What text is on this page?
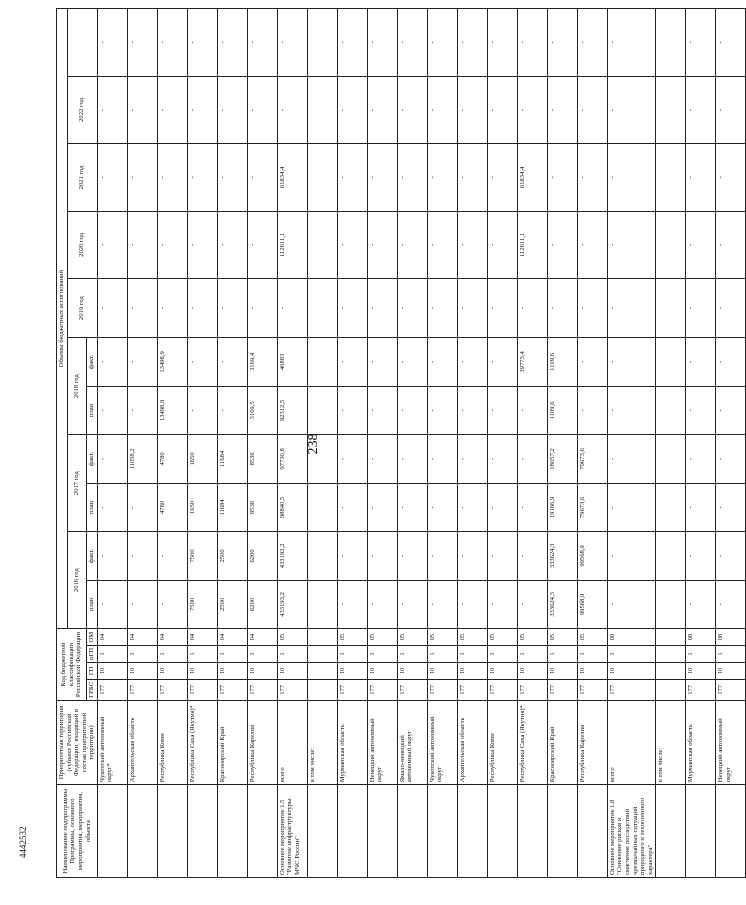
238
4442532	Наименование подпрограммы Программы, основного мероприятия, мероприятия, объекта	Приоритетная территория (субъект Российской Федерации, входящий в состав приоритетной территории)	Код бюджетной классификации Российской Федерации				Объемы бюджетных ассигнований										
						2016 год		2017 год		2018 год		2019 год	2020 год	2021 год	2022 год	
		ГРБС	ГП	пГП	ОМ	план	факт.	план	факт.	план	факт.					
	Чукотский автономный округ*	177	10	1	04	-	-	-	-	-	-	-	-	-	-	-
	Архангельская область	177	10	1	04	-	-	-	11058,2	-	-	-	-	-	-	-
	Республика Коми	177	10	1	04	-	-	4780	4780	13498,9	13498,9	-	-	-	-	-
	Республика Саха (Якутия)*	177	10	1	04	7500	7500	1650	1650	-	-	-	-	-	-	-
	Красноярский Край	177	10	1	04	2500	2500	11684	11684	-	-	-	-	-	-	-
	Республика Карелия	177	10	1	04	6200	6200	8536	8536	3169,5	3169,4	-	-	-	-	-
Основное мероприятие 1.5 "Развитие инфраструктуры МЧС России"	всего	177	10	1	05	433193,2	433193,2	98840,5	97730,8	92312,5	40883	-	112611,1	61834,4	-	-
	в том числе:															
	Мурманская область	177	10	1	05	-	-	-	-	-	-	-	-	-	-	-
	Ненецкий автономный округ	177	10	1	05	-	-	-	-	-	-	-	-	-	-	-
	Ямало-ненецкий автономный округ	177	10	1	05	-	-	-	-	-	-	-	-	-	-	-
	Чукотский автономный округ	177	10	1	05	-	-	-	-	-	-	-	-	-	-	-
	Архангельская область	177	10	1	05	-	-	-	-	-	-	-	-	-	-	-
	Республика Коми	177	10	1	05	-	-	-	-	-	-	-	-	-	-	-
	Республика Саха (Якутия)*	177	10	1	05	-	-	-	-	-	39773,4	-	112611,1	61834,4	-	-
	Красноярский Край	177	10	1	05	333624,3	333624,3	19166,9	18057,2	1109,6	1109,6	-	-	-	-	-
	Республика Карелия	177	10	1	05	99568,9	99568,9	79673,6	79673,6	-	-	-	-	-	-	-
Основное мероприятие 1.8 "Снижение рисков и смягчение последствий чрезвычайных ситуаций природного и техногенного характера"	всего	177	10	1	08	-	-	-	-	-	-	-	-	-	-	-
	в том числе:															
	Мурманская область	177	10	1	08	-	-	-	-	-	-	-	-	-	-	-
	Ненецкий автономный округ	177	10	1	08	-	-	-	-	-	-	-	-	-	-	-
